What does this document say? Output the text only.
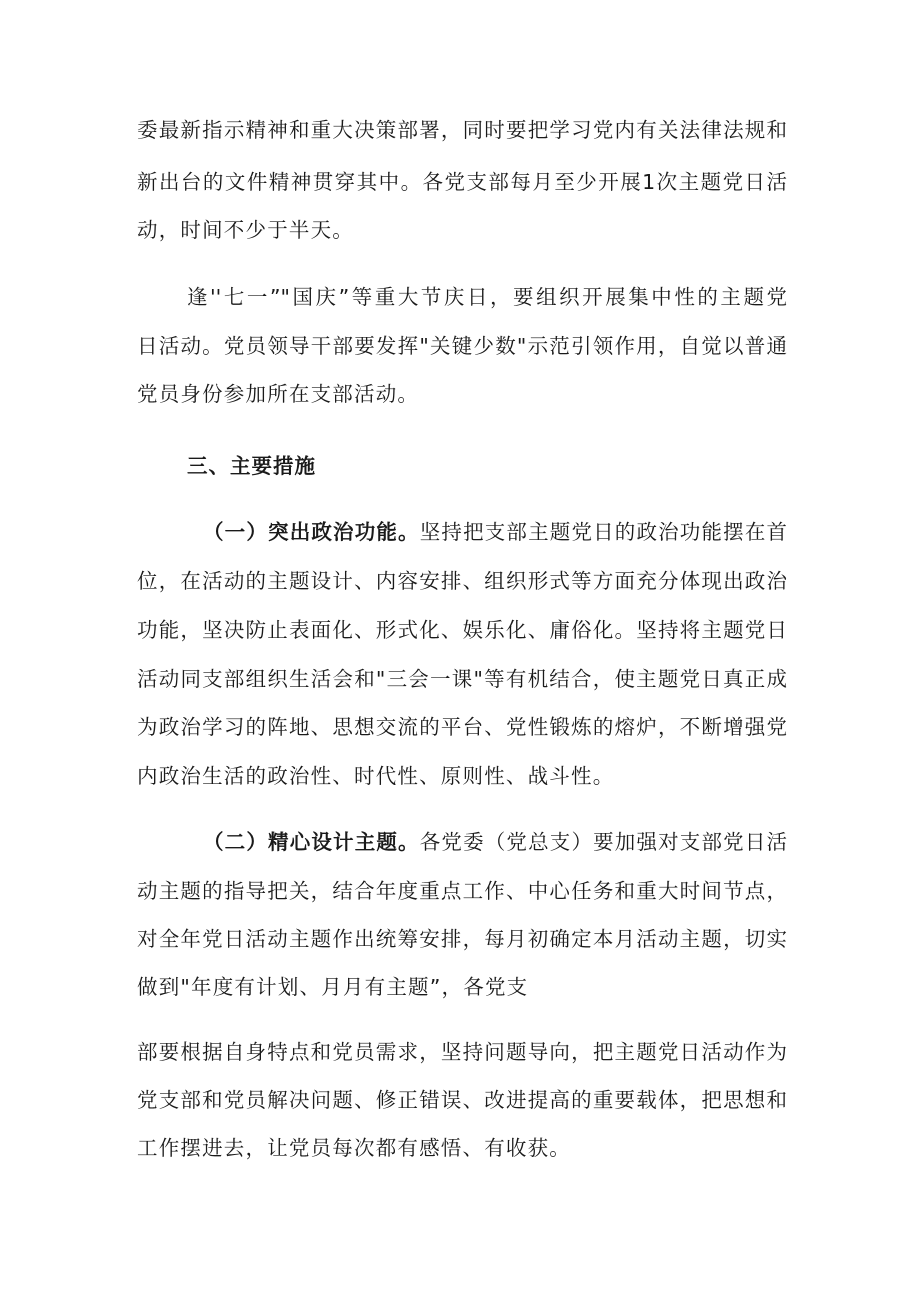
委最新指示精神和重大决策部署，同时要把学习党内有关法律法规和

新出台的文件精神贯穿其中。各党支部每月至少开展1次主题党日活

动，时间不少于半天。

逢''七一”"国庆”等重大节庆日，要组织开展集中性的主题党

日活动。党员领导干部要发挥"关键少数"示范引领作用，自觉以普通

党员身份参加所在支部活动。

三、主要措施

（一）突出政治功能。坚持把支部主题党日的政治功能摆在首

位，在活动的主题设计、内容安排、组织形式等方面充分体现出政治

功能，坚决防止表面化、形式化、娱乐化、庸俗化。坚持将主题党日

活动同支部组织生活会和"三会一课"等有机结合，使主题党日真正成

为政治学习的阵地、思想交流的平台、党性锻炼的熔炉，不断增强党

内政治生活的政治性、时代性、原则性、战斗性。

（二）精心设计主题。各党委（党总支）要加强对支部党日活

动主题的指导把关，结合年度重点工作、中心任务和重大时间节点，

对全年党日活动主题作出统筹安排，每月初确定本月活动主题，切实

做到"年度有计划、月月有主题”，各党支

部要根据自身特点和党员需求，坚持问题导向，把主题党日活动作为

党支部和党员解决问题、修正错误、改进提高的重要载体，把思想和

工作摆进去，让党员每次都有感悟、有收获。
